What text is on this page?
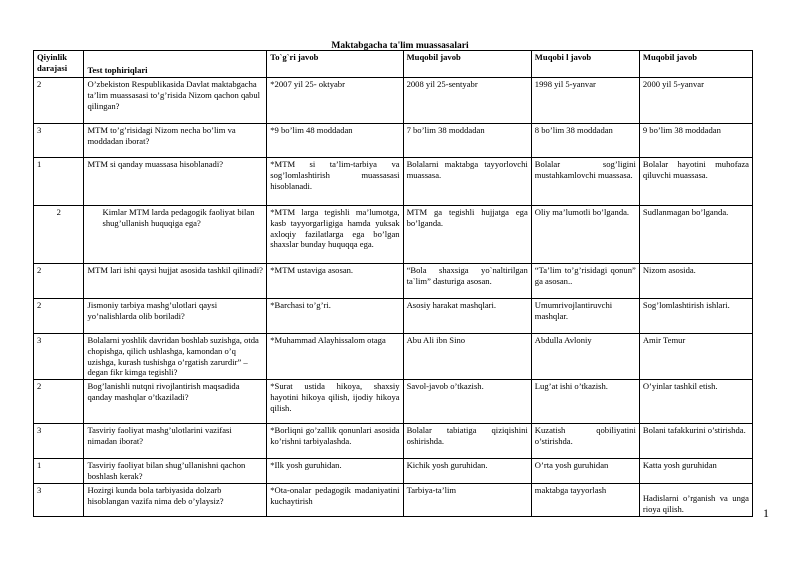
Maktabgacha ta'lim muassasalari
Qiyinlik
darajasi	Test tophiriqlari	To`g`ri javob	Muqobil javob	Muqobi l javob	Muqobil javob
2	O’zbekiston Respublikasida Davlat maktabgacha ta’lim muassasasi to’g’risida Nizom qachon qabul qilingan?	*2007 yil 25- oktyabr	2008 yil 25-sentyabr	1998 yil 5-yanvar	2000 yil 5-yanvar
3	MTM to’g’risidagi Nizom necha bo’lim va moddadan iborat?	*9 bo’lim 48 moddadan	7 bo’lim 38 moddadan	8 bo’lim 38 moddadan	9 bo’lim 38 moddadan
1	MTM si qanday muassasa hisoblanadi?	*MTM si ta’lim-tarbiya va sog’lomlashtirish muassasasi hisoblanadi.	Bolalarni maktabga tayyorlovchi muassasa.	Bolalar sog’ligini mustahkamlovchi muassasa.	Bolalar hayotini muhofaza qiluvchi muassasa.
2	Kimlar MTM larda pedagogik faoliyat bilan shug’ullanish huquqiga ega?	*MTM larga tegishli ma’lumotga, kasb tayyorgarligiga hamda yuksak axloqiy fazilatlarga ega bo’lgan shaxslar bunday huquqqa ega.	MTM ga tegishli hujjatga ega bo’lganda.	Oliy ma’lumotli bo’lganda.	Sudlanmagan bo’lganda.
2	MTM lari ishi qaysi hujjat asosida tashkil qilinadi?	*MTM ustaviga asosan.	“Bola shaxsiga yo`naltirilgan ta`lim” dasturiga asosan.	“Ta’lim to’g’risidagi qonun” ga asosan..	Nizom asosida.
2	Jismoniy tarbiya mashg’ulotlari qaysi yo’nalishlarda olib boriladi?	*Barchasi to’g’ri.	Asosiy harakat mashqlari.	Umumrivojlantiruvchi mashqlar.	Sog’lomlashtirish ishlari.
3	Bolalarni yoshlik davridan boshlab suzishga, otda chopishga, qilich ushlashga, kamondan o’q uzishga, kurash tushishga o’rgatish zarurdir” – degan fikr kimga tegishli?	*Muhammad Alayhissalom otaga	Abu Ali ibn Sino	Abdulla Avloniy	Amir Temur
2	Bog’lanishli nutqni rivojlantirish maqsadida qanday mashqlar o’tkaziladi?	*Surat ustida hikoya, shaxsiy hayotini hikoya qilish, ijodiy hikoya qilish.	Savol-javob o’tkazish.	Lug’at ishi o’tkazish.	O’yinlar tashkil etish.
3	Tasviriy faoliyat mashg’ulotlarini vazifasi nimadan iborat?	*Borliqni go’zallik qonunlari asosida ko’rishni tarbiyalashda.	Bolalar tabiatiga qiziqishini oshirishda.	Kuzatish qobiliyatini o’stirishda.	Bolani tafakkurini o’stirishda.
1	Tasviriy faoliyat bilan shug’ullanishni qachon boshlash kerak?	*Ilk yosh guruhidan.	Kichik yosh guruhidan.	O’rta yosh guruhidan	Katta yosh guruhidan
3	Hozirgi kunda bola tarbiyasida dolzarb hisoblangan vazifa nima deb o’ylaysiz?	*Ota-onalar pedagogik madaniyatini kuchaytirish	Tarbiya-ta’lim	maktabga tayyorlash	Hadislarni o’rganish va unga rioya qilish.	1
